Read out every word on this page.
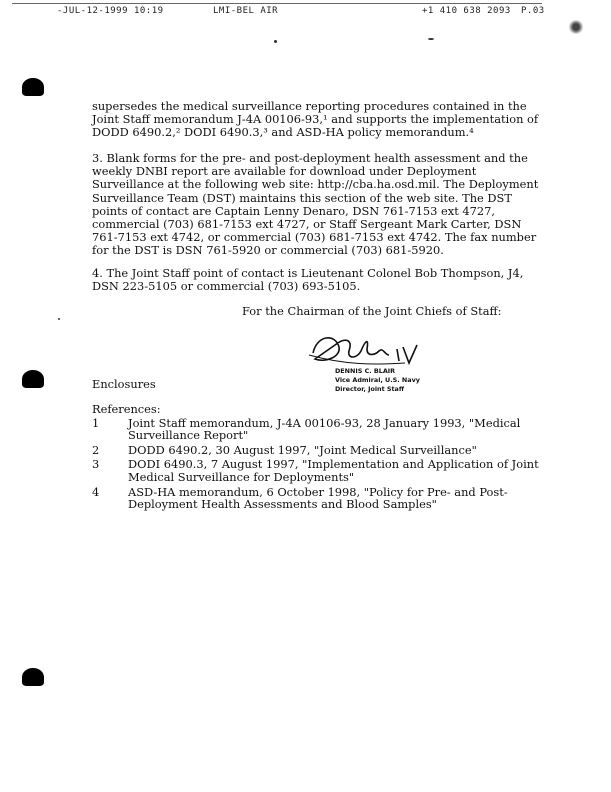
-JUL-12-1999 10:19	LMI-BEL AIR	+1 410 638 2093 P.03

supersedes the medical surveillance reporting procedures contained in the Joint Staff memorandum J-4A 00106-93,¹ and supports the implementation of DODD 6490.2,² DODI 6490.3,³ and ASD-HA policy memorandum.⁴

3. Blank forms for the pre- and post-deployment health assessment and the weekly DNBI report are available for download under Deployment Surveillance at the following web site: http://cba.ha.osd.mil. The Deployment Surveillance Team (DST) maintains this section of the web site. The DST points of contact are Captain Lenny Denaro, DSN 761-7153 ext 4727, commercial (703) 681-7153 ext 4727, or Staff Sergeant Mark Carter, DSN 761-7153 ext 4742, or commercial (703) 681-7153 ext 4742. The fax number for the DST is DSN 761-5920 or commercial (703) 681-5920.

4. The Joint Staff point of contact is Lieutenant Colonel Bob Thompson, J4, DSN 223-5105 or commercial (703) 693-5105.

For the Chairman of the Joint Chiefs of Staff:
DBlair IV
DENNIS C. BLAIR
Vice Admiral, U.S. Navy
Director, Joint Staff
Enclosures
References:
1	Joint Staff memorandum, J-4A 00106-93, 28 January 1993, "Medical Surveillance Report"
2	DODD 6490.2, 30 August 1997, "Joint Medical Surveillance"
3	DODI 6490.3, 7 August 1997, "Implementation and Application of Joint Medical Surveillance for Deployments"
4	ASD-HA memorandum, 6 October 1998, "Policy for Pre- and Post-Deployment Health Assessments and Blood Samples"
